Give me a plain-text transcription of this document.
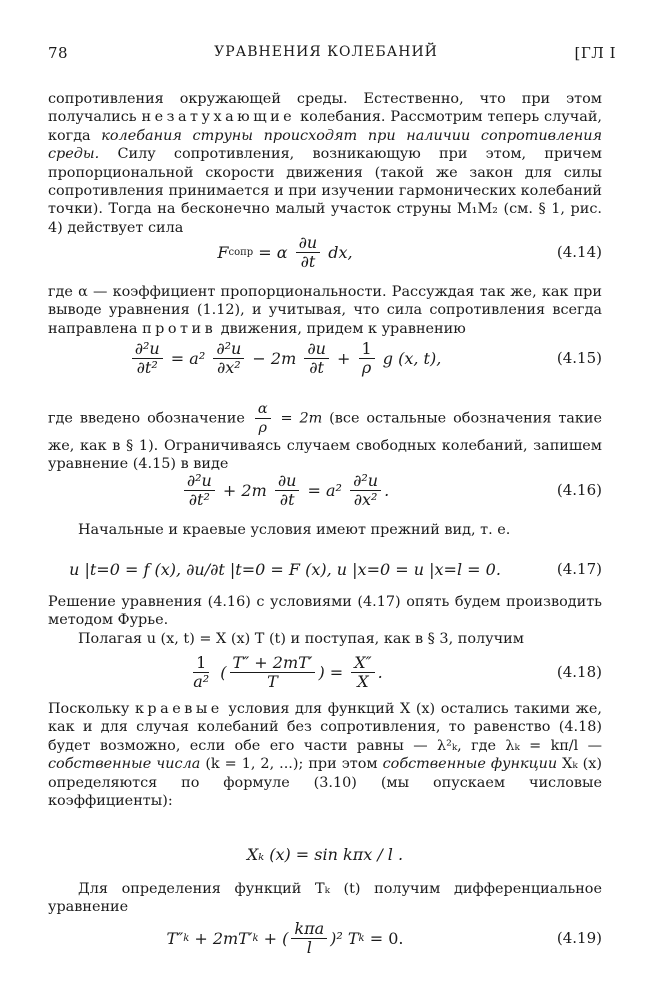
78	УРАВНЕНИЯ КОЛЕБАНИЙ	[ГЛ I
сопротивления окружающей среды. Естественно, что при этом получались незатухающие колебания. Рассмотрим теперь случай, когда колебания струны происходят при наличии сопротивления среды. Силу сопротивления, возникающую при этом, причем пропорциональной скорости движения (такой же закон для силы сопротивления принимается и при изучении гармонических колебаний точки). Тогда на бесконечно малый участок струны M₁M₂ (см. § 1, рис. 4) действует сила
F сопр = α $\frac{\partial u}{\partial t}$ dx,	(4.14)
где α — коэффициент пропорциональности. Рассуждая так же, как при выводе уравнения (1.12), и учитывая, что сила сопротивления всегда направлена против движения, придем к уравнению
$\frac{\text{∂²u}}{\text{∂t²}} = a^2 \frac{\text{∂²u}}{\text{∂x²}} - 2m \frac{\partial u}{\partial t} + \frac{1}{\rho}$ g (x, t),	(4.15)
где введено обозначение $\frac{\alpha}{\rho} = 2m$ (все остальные обозначения такие же, как в § 1). Ограничиваясь случаем свободных колебаний, запишем уравнение (4.15) в виде
$\frac{\text{∂²u}}{\text{∂t²}} + 2m \frac{\partial u}{\partial t} = a^2 \frac{\text{∂²u}}{\text{∂x²}}$ .	(4.16)
Начальные и краевые условия имеют прежний вид, т. е.
u |t=0 = f (x), ∂u/∂t |t=0 = F (x), u |x=0 = u |x=l = 0.	(4.17)
Решение уравнения (4.16) с условиями (4.17) опять будем производить методом Фурье.
Полагая u (x, t) = X (x) T (t) и поступая, как в § 3, получим
$\frac{1}{\text{a²}}$ ( $\frac{T'' + 2mT'}{T}$ ) = $\frac{X''}{X}$ .	(4.18)
Поскольку краевые условия для функций X (x) остались такими же, как и для случая колебаний без сопротивления, то равенство (4.18) будет возможно, если обе его части равны — λ²ₖ, где λₖ = kπ/l — собственные числа (k = 1, 2, ...); при этом собственные функции Xₖ (x) определяются по формуле (3.10) (мы опускаем числовые коэффициенты):
Xₖ (x) = sin kπx / l .
Для определения функций Tₖ (t) получим дифференциальное уравнение
T″ k + 2mT′ k + ( $\frac{\text{kπa}}{l} )^2$ T k = 0.	(4.19)
